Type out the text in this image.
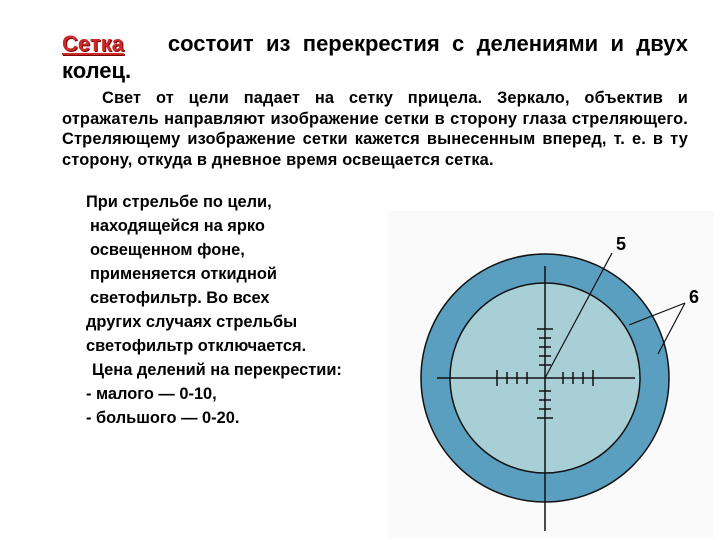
Сетка состоит из перекрестия с делениями и двух колец.

Свет от цели падает на сетку прицела. Зеркало, объектив и отражатель направляют изображение сетки в сторону глаза стреляющего. Стреляющему изображение сетки кажется вынесенным вперед, т. е. в ту сторону, откуда в дневное время освещается сетка.

5
6
При стрельбе по цели,
находящейся на ярко
освещенном фоне,
применяется откидной
светофильтр. Во всех
других случаях стрельбы
светофильтр отключается.
Цена делений на перекрестии:
- малого — 0-10,
- большого — 0-20.
